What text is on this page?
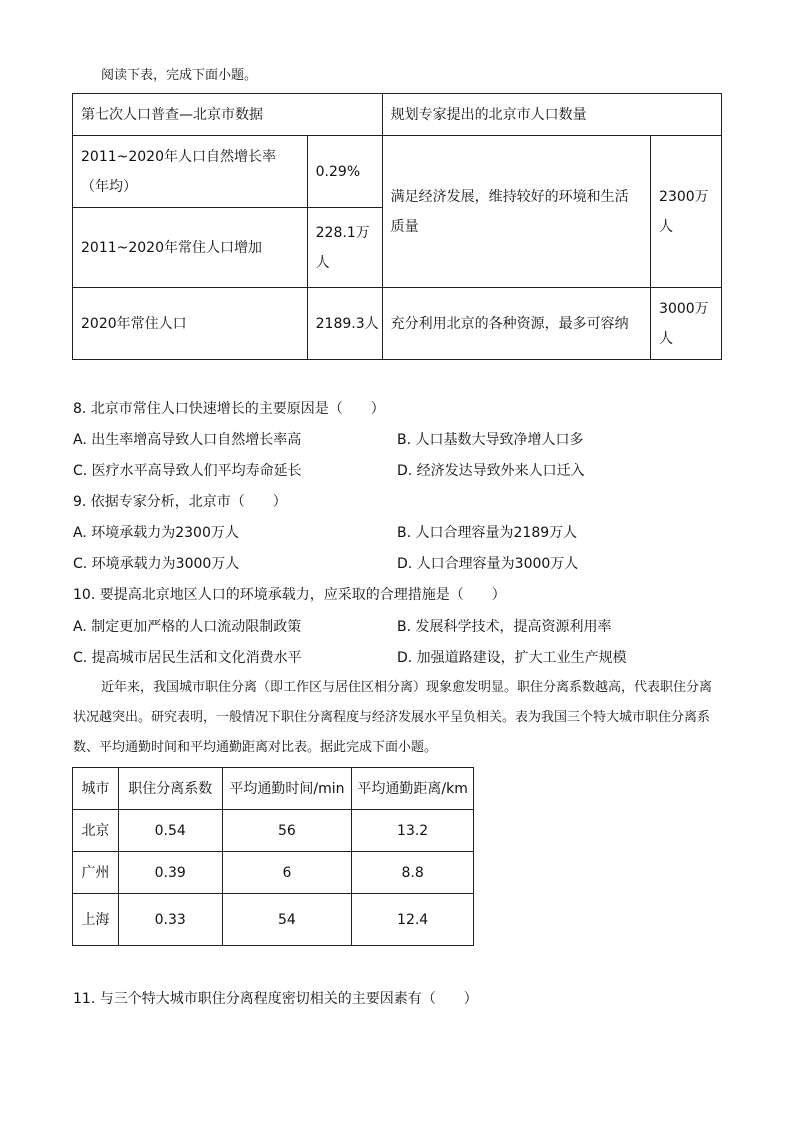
阅读下表，完成下面小题。
第七次人口普查—北京市数据		规划专家提出的北京市人口数量	
2011~2020年人口自然增长率（年均）	0.29%	满足经济发展，维持较好的环境和生活质量	2300万人
2011~2020年常住人口增加	228.1万人		
2020年常住人口	2189.3人	充分利用北京的各种资源，最多可容纳	3000万人
8. 北京市常住人口快速增长的主要原因是（　　）
A. 出生率增高导致人口自然增长率高	B. 人口基数大导致净增人口多
C. 医疗水平高导致人们平均寿命延长	D. 经济发达导致外来人口迁入
9. 依据专家分析，北京市（　　）
A. 环境承载力为2300万人	B. 人口合理容量为2189万人
C. 环境承载力为3000万人	D. 人口合理容量为3000万人
10. 要提高北京地区人口的环境承载力，应采取的合理措施是（　　）
A. 制定更加严格的人口流动限制政策	B. 发展科学技术，提高资源利用率
C. 提高城市居民生活和文化消费水平	D. 加强道路建设，扩大工业生产规模
近年来，我国城市职住分离（即工作区与居住区相分离）现象愈发明显。职住分离系数越高，代表职住分离状况越突出。研究表明，一般情况下职住分离程度与经济发展水平呈负相关。表为我国三个特大城市职住分离系数、平均通勤时间和平均通勤距离对比表。据此完成下面小题。
城市	职住分离系数	平均通勤时间/min	平均通勤距离/km
北京	0.54	56	13.2
广州	0.39	6	8.8
上海	0.33	54	12.4
11. 与三个特大城市职住分离程度密切相关的主要因素有（　　）
